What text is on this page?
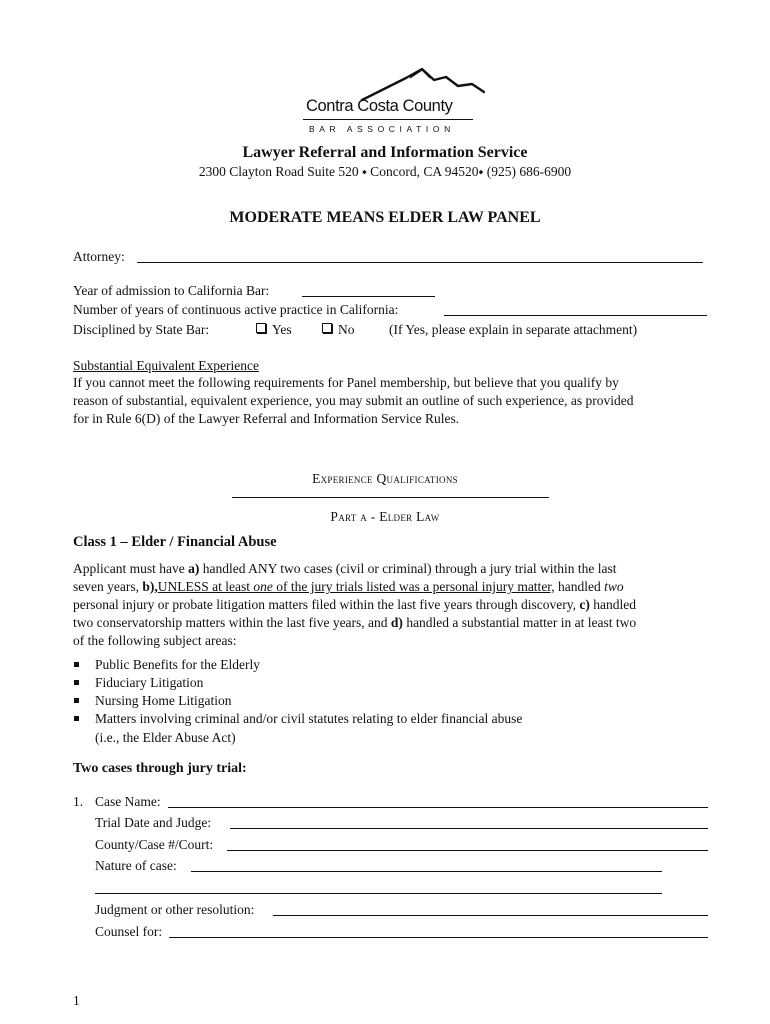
Contra Costa County
BAR ASSOCIATION
Lawyer Referral and Information Service
2300 Clayton Road Suite 520 ⬩ Concord, CA 94520⬩ (925) 686-6900
MODERATE MEANS ELDER LAW PANEL
Attorney:
Year of admission to California Bar:
Number of years of continuous active practice in California:
Disciplined by State Bar:	Yes	No	(If Yes, please explain in separate attachment)
Substantial Equivalent Experience
If you cannot meet the following requirements for Panel membership, but believe that you qualify by
reason of substantial, equivalent experience, you may submit an outline of such experience, as provided
for in Rule 6(D) of the Lawyer Referral and Information Service Rules.
Experience Qualifications
Part a - Elder Law
Class 1 – Elder / Financial Abuse
Applicant must have a) handled ANY two cases (civil or criminal) through a jury trial within the last
seven years, b),UNLESS at least one of the jury trials listed was a personal injury matter, handled two
personal injury or probate litigation matters filed within the last five years through discovery, c) handled
two conservatorship matters within the last five years, and d) handled a substantial matter in at least two
of the following subject areas:
Public Benefits for the Elderly
Fiduciary Litigation
Nursing Home Litigation
Matters involving criminal and/or civil statutes relating to elder financial abuse
(i.e., the Elder Abuse Act)
Two cases through jury trial:
1. Case Name:
Trial Date and Judge:
County/Case #/Court:
Nature of case:
Judgment or other resolution:
Counsel for:
1
